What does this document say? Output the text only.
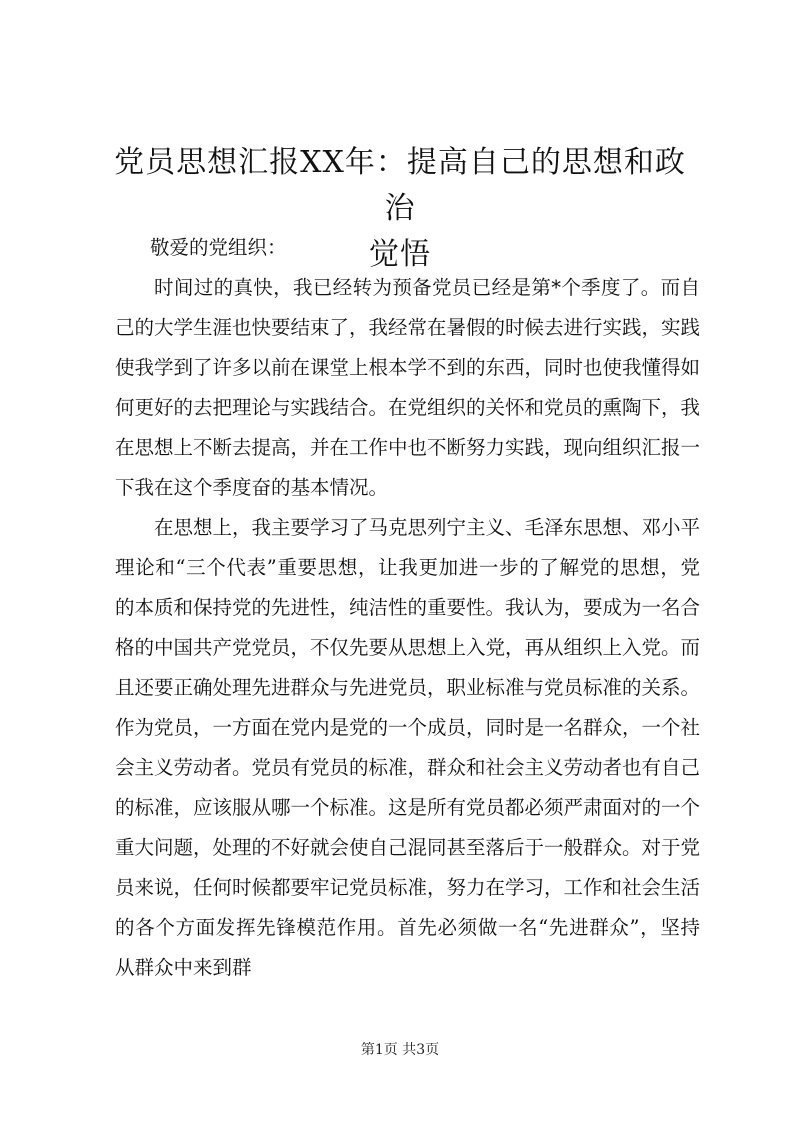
党员思想汇报XX年：提高自己的思想和政治
觉悟

敬爱的党组织：

时间过的真快，我已经转为预备党员已经是第*个季度了。而自己的大学生涯也快要结束了，我经常在暑假的时候去进行实践，实践使我学到了许多以前在课堂上根本学不到的东西，同时也使我懂得如何更好的去把理论与实践结合。在党组织的关怀和党员的熏陶下，我在思想上不断去提高，并在工作中也不断努力实践，现向组织汇报一下我在这个季度奋的基本情况。

在思想上，我主要学习了马克思列宁主义、毛泽东思想、邓小平理论和“三个代表”重要思想，让我更加进一步的了解党的思想，党的本质和保持党的先进性，纯洁性的重要性。我认为，要成为一名合格的中国共产党党员，不仅先要从思想上入党，再从组织上入党。而且还要正确处理先进群众与先进党员，职业标准与党员标准的关系。作为党员，一方面在党内是党的一个成员，同时是一名群众，一个社会主义劳动者。党员有党员的标准，群众和社会主义劳动者也有自己的标准，应该服从哪一个标准。这是所有党员都必须严肃面对的一个重大问题，处理的不好就会使自己混同甚至落后于一般群众。对于党员来说，任何时候都要牢记党员标准，努力在学习，工作和社会生活的各个方面发挥先锋模范作用。首先必须做一名“先进群众”，坚持从群众中来到群

第1页 共3页
